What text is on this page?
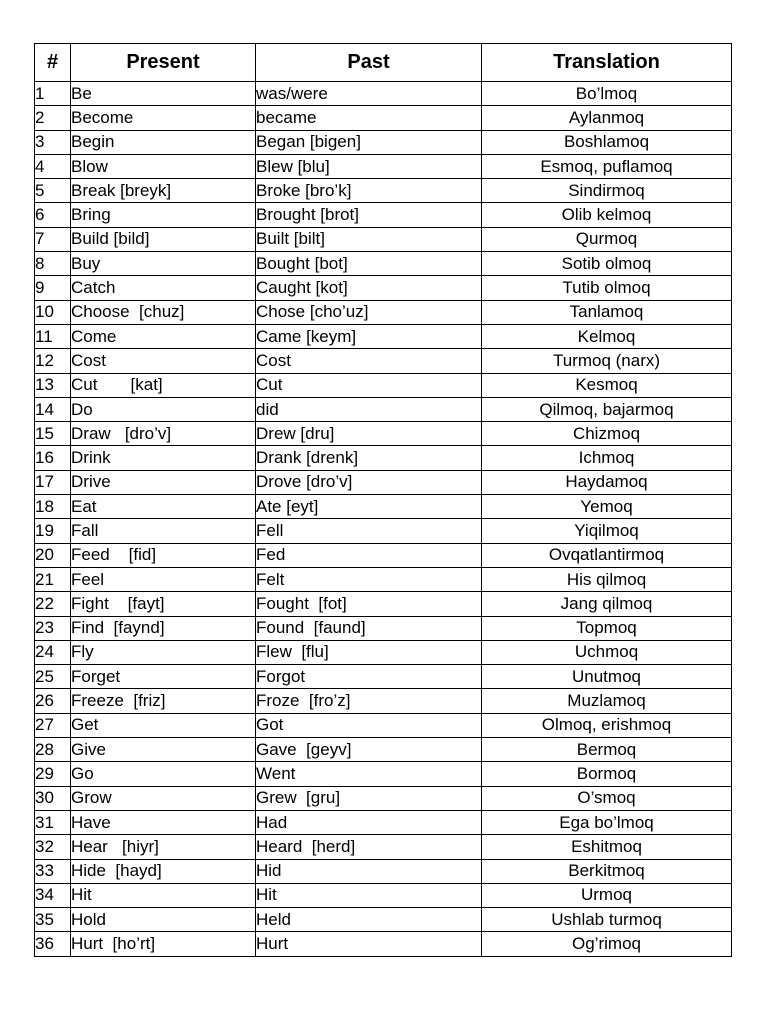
#	Present	Past	Translation
1	Be	was/were	Bo’lmoq
2	Become	became	Aylanmoq
3	Begin	Began [bigen]	Boshlamoq
4	Blow	Blew [blu]	Esmoq, puflamoq
5	Break [breyk]	Broke [bro’k]	Sindirmoq
6	Bring	Brought [brot]	Olib kelmoq
7	Build [bild]	Built [bilt]	Qurmoq
8	Buy	Bought [bot]	Sotib olmoq
9	Catch	Caught [kot]	Tutib olmoq
10	Choose  [chuz]	Chose [cho’uz]	Tanlamoq
11	Come	Came [keym]	Kelmoq
12	Cost	Cost	Turmoq (narx)
13	Cut       [kat]	Cut	Kesmoq
14	Do	did	Qilmoq, bajarmoq
15	Draw   [dro’v]	Drew [dru]	Chizmoq
16	Drink	Drank [drenk]	Ichmoq
17	Drive	Drove [dro’v]	Haydamoq
18	Eat	Ate [eyt]	Yemoq
19	Fall	Fell	Yiqilmoq
20	Feed    [fid]	Fed	Ovqatlantirmoq
21	Feel	Felt	His qilmoq
22	Fight    [fayt]	Fought  [fot]	Jang qilmoq
23	Find  [faynd]	Found  [faund]	Topmoq
24	Fly	Flew  [flu]	Uchmoq
25	Forget	Forgot	Unutmoq
26	Freeze  [friz]	Froze  [fro’z]	Muzlamoq
27	Get	Got	Olmoq, erishmoq
28	Give	Gave  [geyv]	Bermoq
29	Go	Went	Bormoq
30	Grow	Grew  [gru]	O’smoq
31	Have	Had	Ega bo’lmoq
32	Hear   [hiyr]	Heard  [herd]	Eshitmoq
33	Hide  [hayd]	Hid	Berkitmoq
34	Hit	Hit	Urmoq
35	Hold	Held	Ushlab turmoq
36	Hurt  [ho’rt]	Hurt	Og’rimoq
